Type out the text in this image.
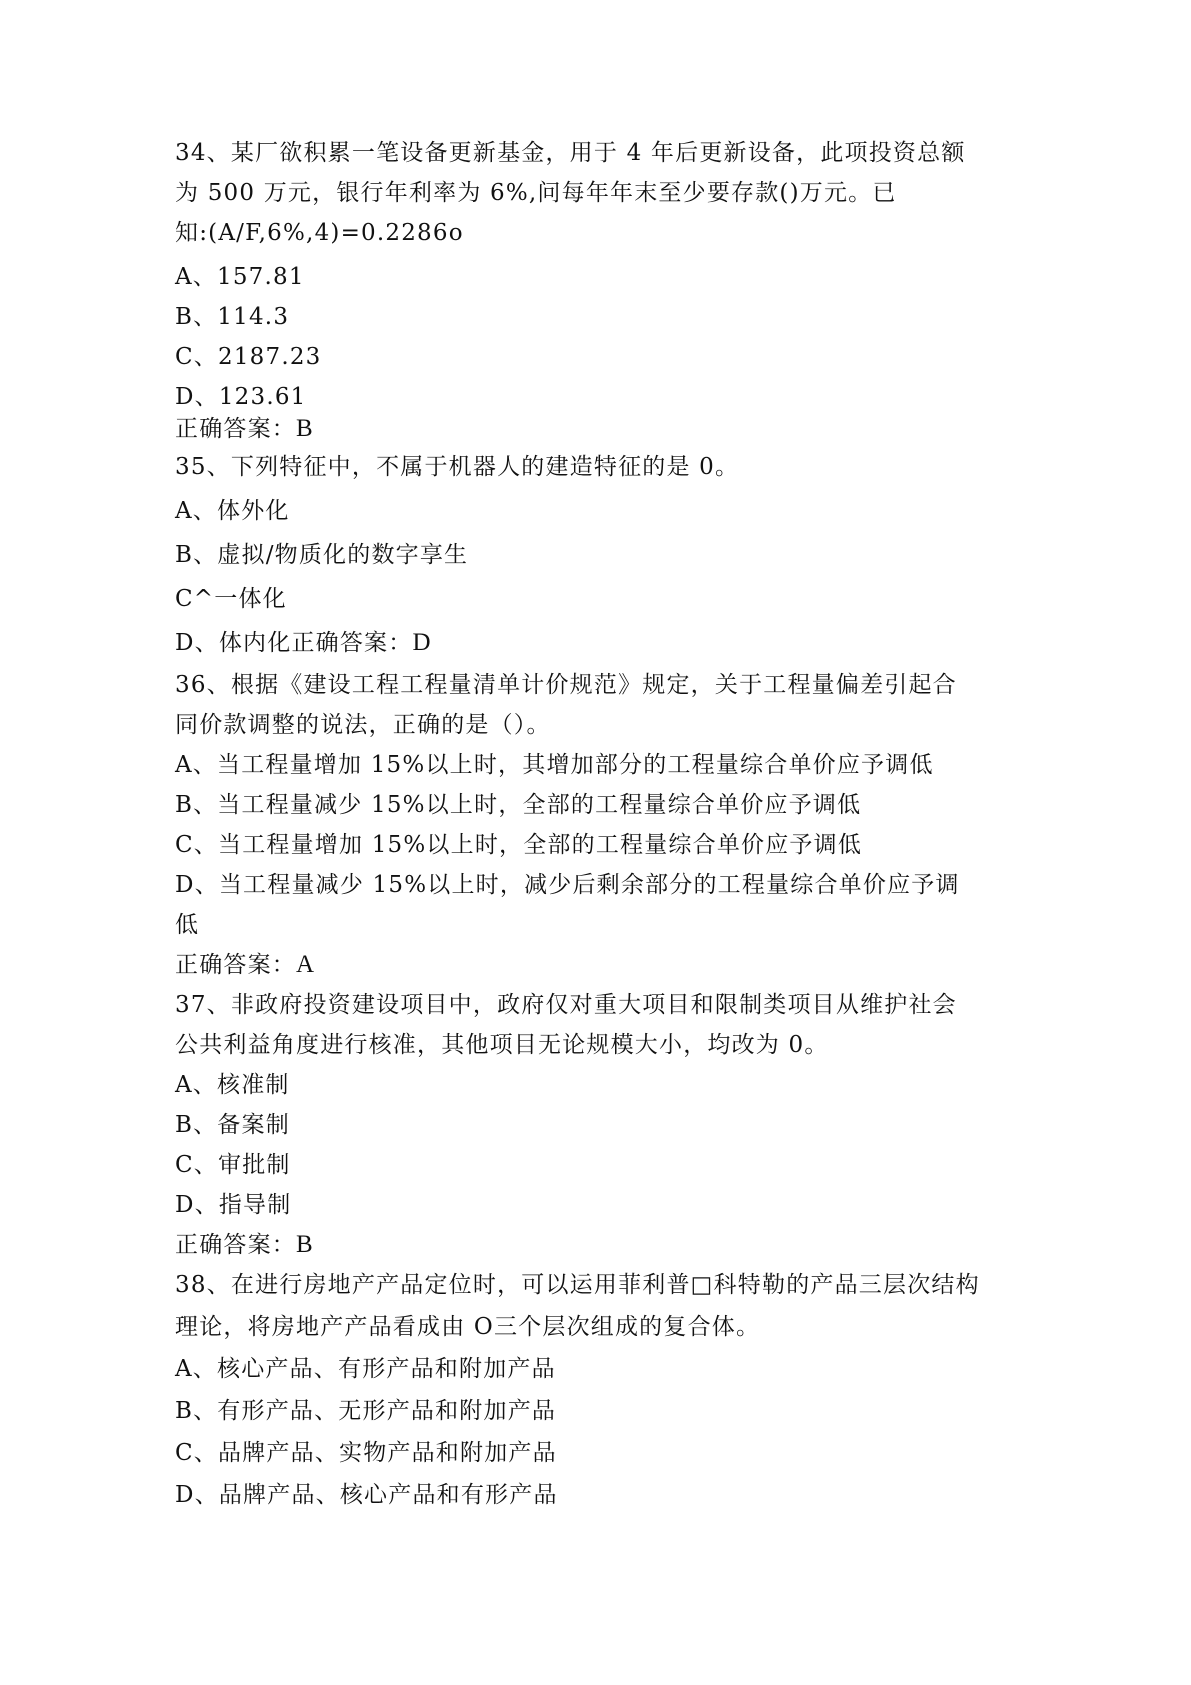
34、某厂欲积累一笔设备更新基金，用于 4 年后更新设备，此项投资总额
为 500 万元，银行年利率为 6%,问每年年末至少要存款()万元。已
知:(A/F,6%,4)=0.2286o
A、157.81
B、114.3
C、2187.23
D、123.61
正确答案：B
35、下列特征中，不属于机器人的建造特征的是 0。
A、体外化
B、虚拟/物质化的数字享生
C^一体化
D、体内化正确答案：D
36、根据《建设工程工程量清单计价规范》规定，关于工程量偏差引起合
同价款调整的说法，正确的是（）。
A、当工程量增加 15%以上时，其增加部分的工程量综合单价应予调低
B、当工程量减少 15%以上时，全部的工程量综合单价应予调低
C、当工程量增加 15%以上时，全部的工程量综合单价应予调低
D、当工程量减少 15%以上时，减少后剩余部分的工程量综合单价应予调
低
正确答案：A
37、非政府投资建设项目中，政府仅对重大项目和限制类项目从维护社会
公共利益角度进行核准，其他项目无论规模大小，均改为 0。
A、核准制
B、备案制
C、审批制
D、指导制
正确答案：B
38、在进行房地产产品定位时，可以运用菲利普□科特勒的产品三层次结构
理论，将房地产产品看成由 O三个层次组成的复合体。
A、核心产品、有形产品和附加产品
B、有形产品、无形产品和附加产品
C、品牌产品、实物产品和附加产品
D、品牌产品、核心产品和有形产品
